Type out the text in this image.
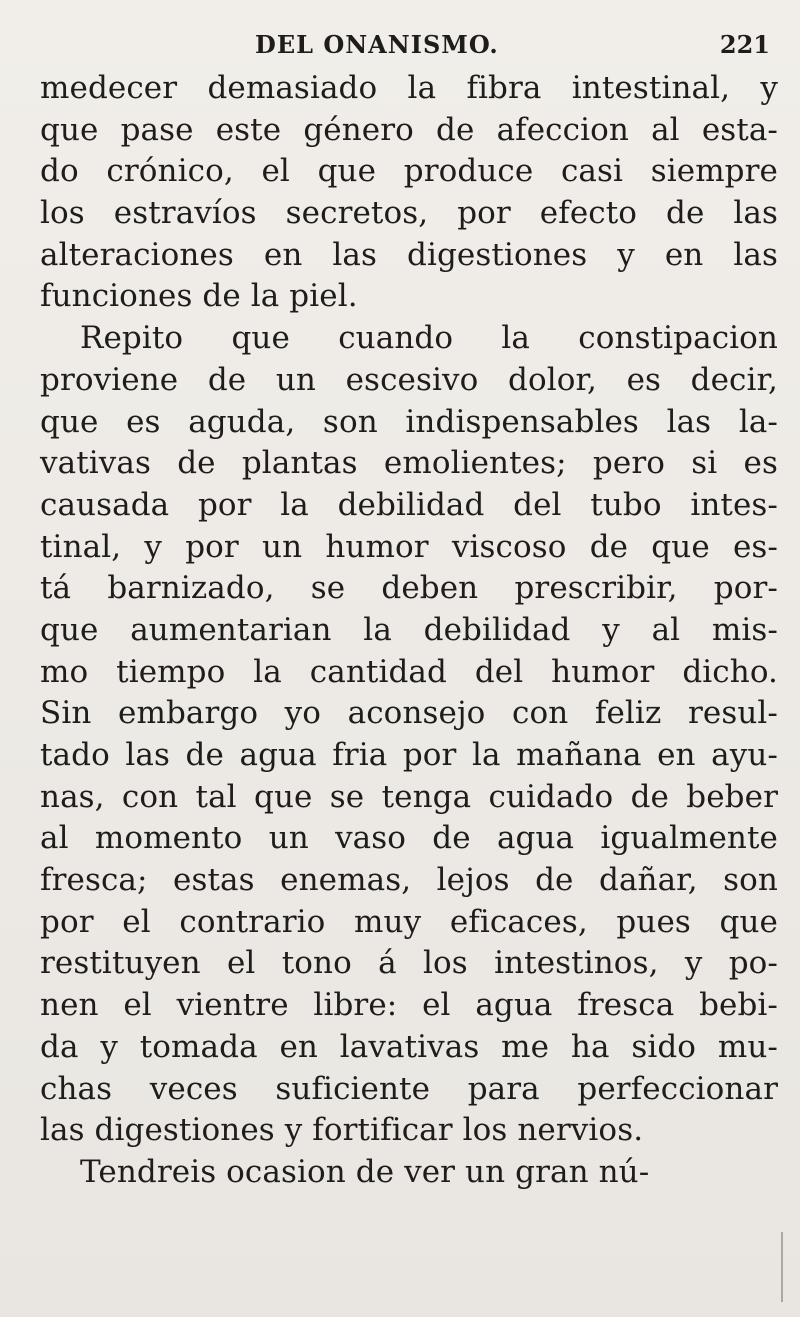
DEL ONANISMO.	221
medecer demasiado la fibra intestinal, y
que pase este género de afeccion al esta-
do crónico, el que produce casi siempre
los estravíos secretos, por efecto de las
alteraciones en las digestiones y en las
funciones de la piel.
Repito que cuando la constipacion
proviene de un escesivo dolor, es decir,
que es aguda, son indispensables las la-
vativas de plantas emolientes; pero si es
causada por la debilidad del tubo intes-
tinal, y por un humor viscoso de que es-
tá barnizado, se deben prescribir, por-
que aumentarian la debilidad y al mis-
mo tiempo la cantidad del humor dicho.
Sin embargo yo aconsejo con feliz resul-
tado las de agua fria por la mañana en ayu-
nas, con tal que se tenga cuidado de beber
al momento un vaso de agua igualmente
fresca; estas enemas, lejos de dañar, son
por el contrario muy eficaces, pues que
restituyen el tono á los intestinos, y po-
nen el vientre libre: el agua fresca bebi-
da y tomada en lavativas me ha sido mu-
chas veces suficiente para perfeccionar
las digestiones y fortificar los nervios.
Tendreis ocasion de ver un gran nú-
